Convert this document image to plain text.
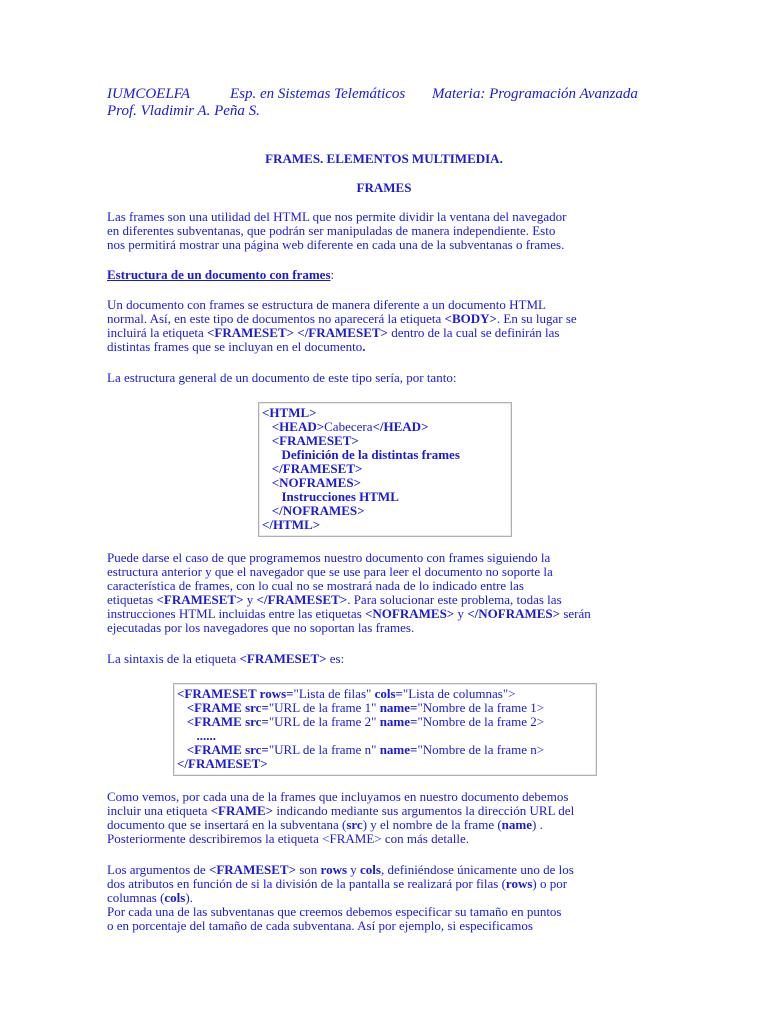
IUMCOELFA	Esp. en Sistemas Telemáticos Materia: Programación Avanzada
Prof. Vladimir A. Peña S.
FRAMES. ELEMENTOS MULTIMEDIA.
FRAMES
Las frames son una utilidad del HTML que nos permite dividir la ventana del navegador
en diferentes subventanas, que podrán ser manipuladas de manera independiente. Esto
nos permitirá mostrar una página web diferente en cada una de la subventanas o frames.
Estructura de un documento con frames:
Un documento con frames se estructura de manera diferente a un documento HTML
normal. Así, en este tipo de documentos no aparecerá la etiqueta <BODY>. En su lugar se
incluirá la etiqueta <FRAMESET> </FRAMESET> dentro de la cual se definirán las
distintas frames que se incluyan en el documento.
La estructura general de un documento de este tipo sería, por tanto:
<HTML>
<HEAD>Cabecera</HEAD>
<FRAMESET>
Definición de la distintas frames
</FRAMESET>
<NOFRAMES>
Instrucciones HTML
</NOFRAMES>
</HTML>
Puede darse el caso de que programemos nuestro documento con frames siguiendo la
estructura anterior y que el navegador que se use para leer el documento no soporte la
característica de frames, con lo cual no se mostrará nada de lo indicado entre las
etiquetas <FRAMESET> y </FRAMESET>. Para solucionar este problema, todas las
instrucciones HTML incluidas entre las etiquetas <NOFRAMES> y </NOFRAMES> serán
ejecutadas por los navegadores que no soportan las frames.
La sintaxis de la etiqueta <FRAMESET> es:
<FRAMESET rows="Lista de filas" cols="Lista de columnas">
<FRAME src="URL de la frame 1" name="Nombre de la frame 1>
<FRAME src="URL de la frame 2" name="Nombre de la frame 2>
......
<FRAME src="URL de la frame n" name="Nombre de la frame n>
</FRAMESET>
Como vemos, por cada una de la frames que incluyamos en nuestro documento debemos
incluir una etiqueta <FRAME> indicando mediante sus argumentos la dirección URL del
documento que se insertará en la subventana (src) y el nombre de la frame (name) .
Posteriormente describiremos la etiqueta <FRAME> con más detalle.
Los argumentos de <FRAMESET> son rows y cols, definiéndose únicamente uno de los
dos atributos en función de si la división de la pantalla se realizará por filas (rows) o por
columnas (cols).
Por cada una de las subventanas que creemos debemos especificar su tamaño en puntos
o en porcentaje del tamaño de cada subventana. Así por ejemplo, si especificamos
